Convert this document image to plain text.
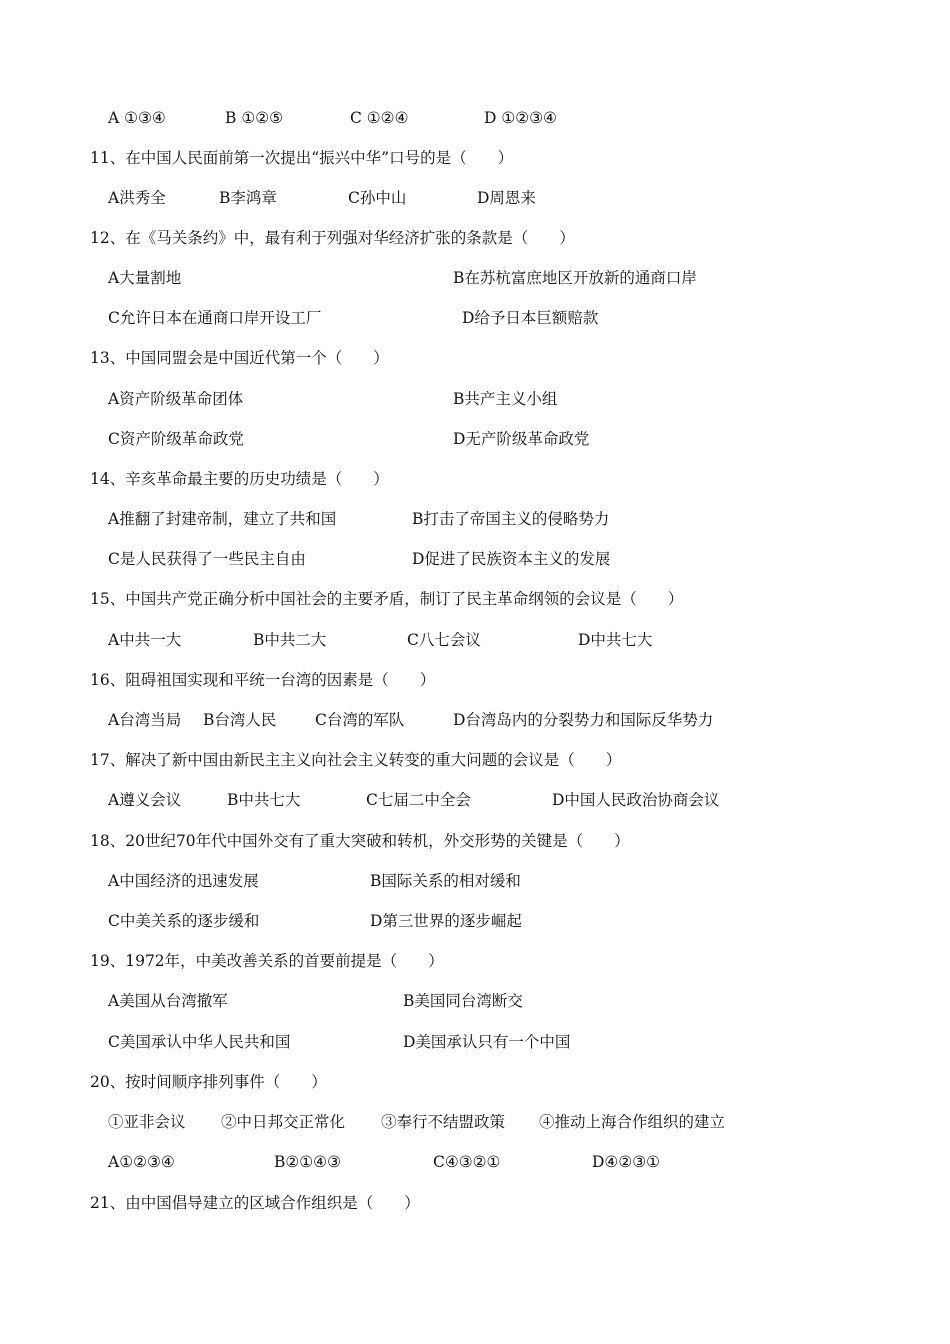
A ①③④	B ①②⑤	C ①②④	D ①②③④
11、在中国人民面前第一次提出“振兴中华”口号的是（　　）
A洪秀全	B李鸿章	C孙中山	D周恩来
12、在《马关条约》中，最有利于列强对华经济扩张的条款是（　　）
A大量割地	B在苏杭富庶地区开放新的通商口岸
C允许日本在通商口岸开设工厂	D给予日本巨额赔款
13、中国同盟会是中国近代第一个（　　）
A资产阶级革命团体	B共产主义小组
C资产阶级革命政党	D无产阶级革命政党
14、辛亥革命最主要的历史功绩是（　　）
A推翻了封建帝制，建立了共和国	B打击了帝国主义的侵略势力
C是人民获得了一些民主自由	D促进了民族资本主义的发展
15、中国共产党正确分析中国社会的主要矛盾，制订了民主革命纲领的会议是（　　）
A中共一大	B中共二大	C八七会议	D中共七大
16、阻碍祖国实现和平统一台湾的因素是（　　）
A台湾当局 B台湾人民 C台湾的军队	D台湾岛内的分裂势力和国际反华势力
17、解决了新中国由新民主主义向社会主义转变的重大问题的会议是（　　）
A遵义会议	B中共七大	C七届二中全会	D中国人民政治协商会议
18、20世纪70年代中国外交有了重大突破和转机，外交形势的关键是（　　）
A中国经济的迅速发展	B国际关系的相对缓和
C中美关系的逐步缓和	D第三世界的逐步崛起
19、1972年，中美改善关系的首要前提是（　　）
A美国从台湾撤军	B美国同台湾断交
C美国承认中华人民共和国	D美国承认只有一个中国
20、按时间顺序排列事件（　　）
①亚非会议 ②中日邦交正常化 ③奉行不结盟政策 ④推动上海合作组织的建立
A①②③④	B②①④③	C④③②①	D④②③①
21、由中国倡导建立的区域合作组织是（　　）
